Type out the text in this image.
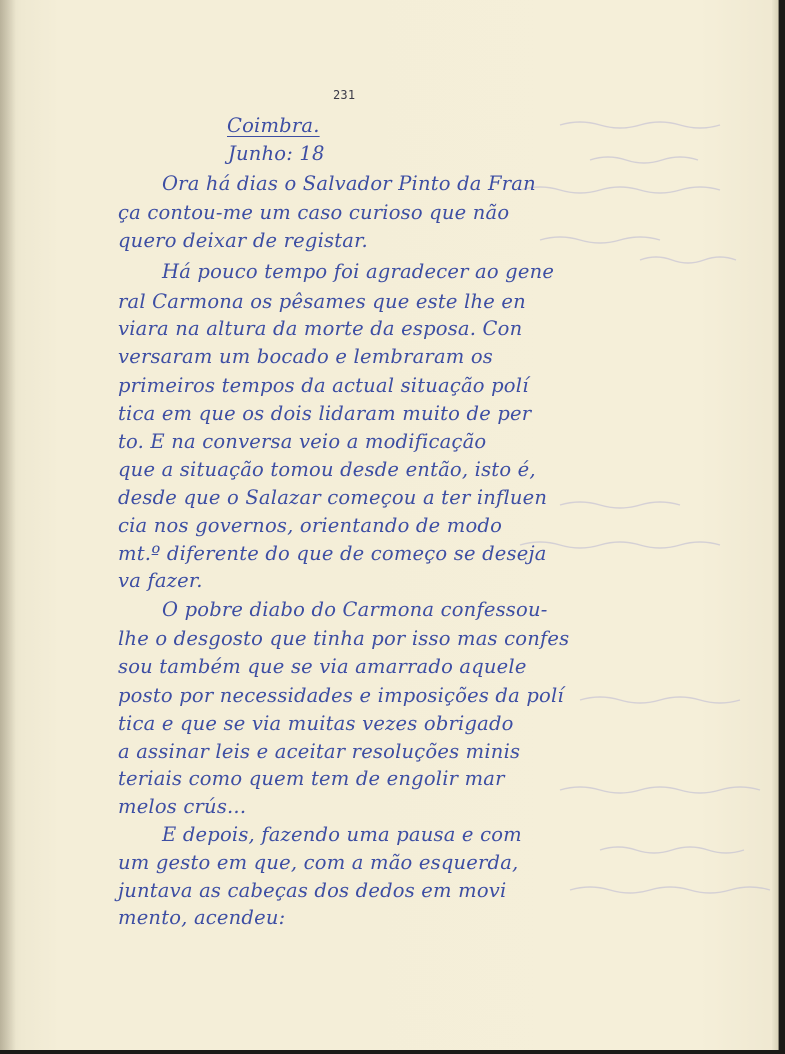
231
Coimbra.
Junho: 18
Ora há dias o Salvador Pinto da Fran
ça contou-me um caso curioso que não
quero deixar de registar.
Há pouco tempo foi agradecer ao gene
ral Carmona os pêsames que este lhe en
viara na altura da morte da esposa. Con
versaram um bocado e lembraram os
primeiros tempos da actual situação polí
tica em que os dois lidaram muito de per
to. E na conversa veio a modificação
que a situação tomou desde então, isto é,
desde que o Salazar começou a ter influen
cia nos governos, orientando de modo
mt.º diferente do que de começo se deseja
va fazer.
O pobre diabo do Carmona confessou-
lhe o desgosto que tinha por isso mas confes
sou também que se via amarrado aquele
posto por necessidades e imposições da polí
tica e que se via muitas vezes obrigado
a assinar leis e aceitar resoluções minis
teriais como quem tem de engolir mar
melos crús...
E depois, fazendo uma pausa e com
um gesto em que, com a mão esquerda,
juntava as cabeças dos dedos em movi
mento, acendeu:
